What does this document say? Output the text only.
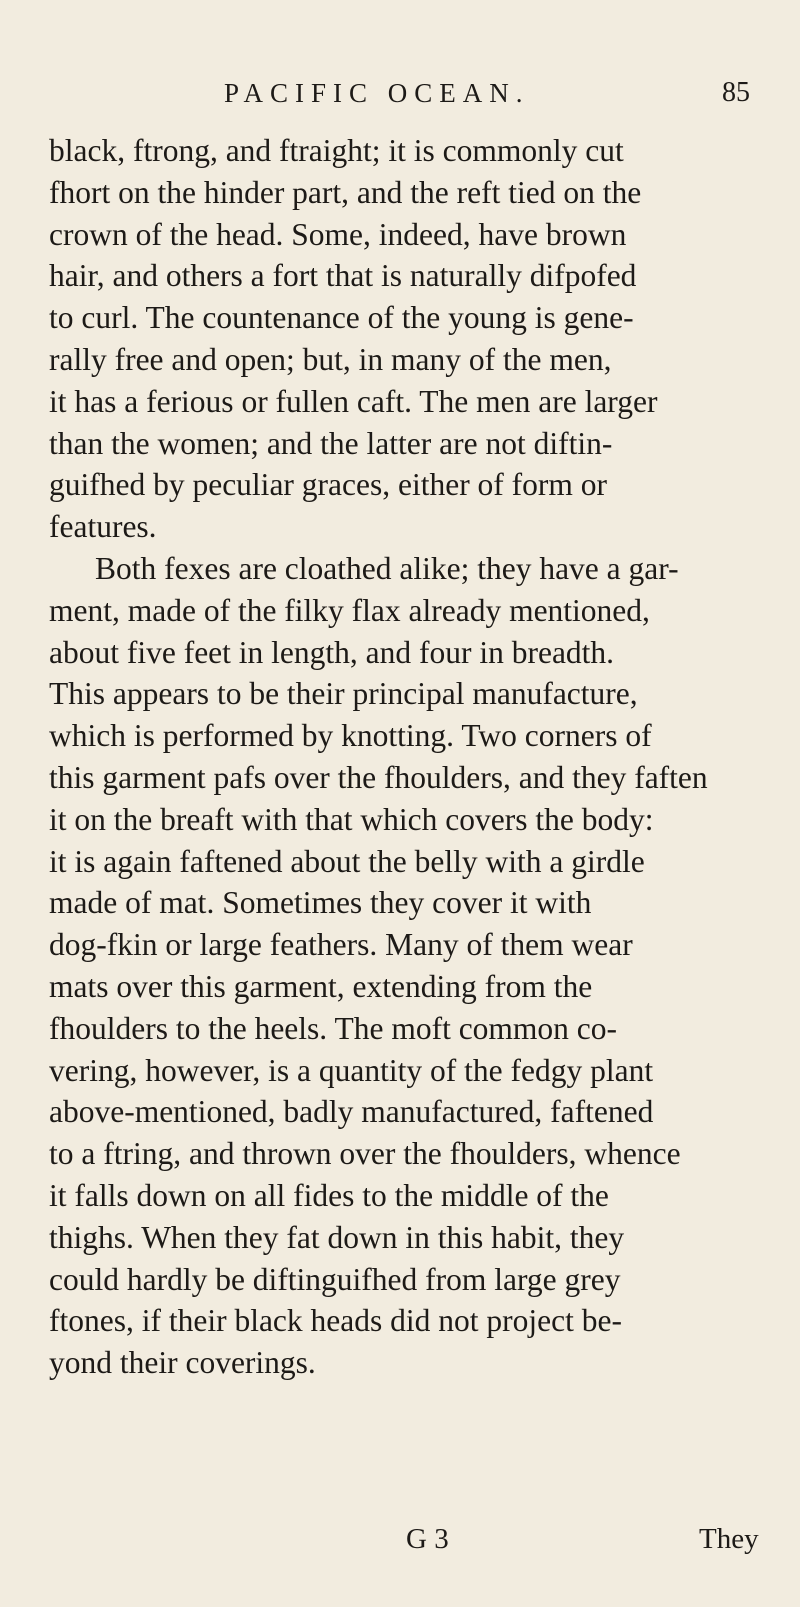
PACIFIC OCEAN.	85
black, ftrong, and ftraight; it is commonly cut
fhort on the hinder part, and the reft tied on the
crown of the head. Some, indeed, have brown
hair, and others a fort that is naturally difpofed
to curl. The countenance of the young is gene-
rally free and open; but, in many of the men,
it has a ferious or fullen caft. The men are larger
than the women; and the latter are not diftin-
guifhed by peculiar graces, either of form or
features.
Both fexes are cloathed alike; they have a gar-
ment, made of the filky flax already mentioned,
about five feet in length, and four in breadth.
This appears to be their principal manufacture,
which is performed by knotting. Two corners of
this garment pafs over the fhoulders, and they faften
it on the breaft with that which covers the body:
it is again faftened about the belly with a girdle
made of mat. Sometimes they cover it with
dog-fkin or large feathers. Many of them wear
mats over this garment, extending from the
fhoulders to the heels. The moft common co-
vering, however, is a quantity of the fedgy plant
above-mentioned, badly manufactured, faftened
to a ftring, and thrown over the fhoulders, whence
it falls down on all fides to the middle of the
thighs. When they fat down in this habit, they
could hardly be diftinguifhed from large grey
ftones, if their black heads did not project be-
yond their coverings.
G 3	They
